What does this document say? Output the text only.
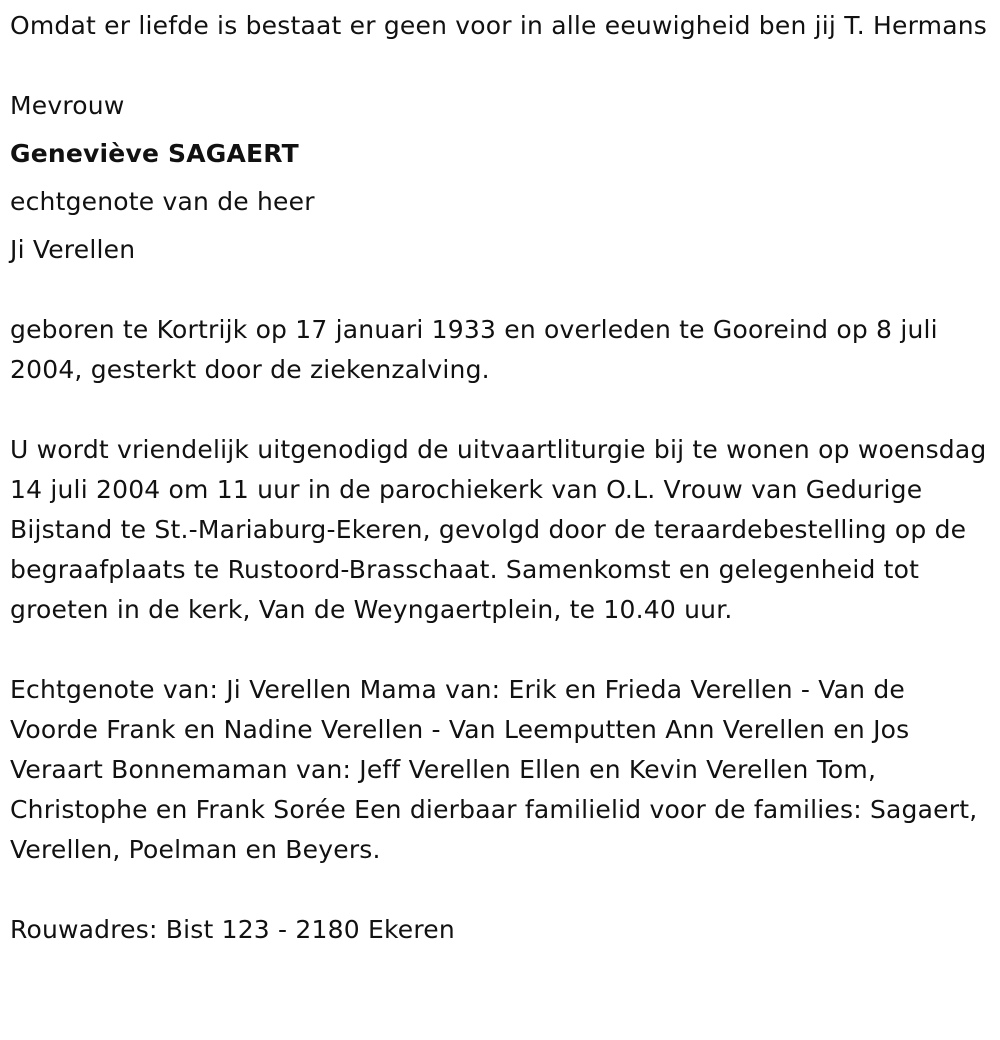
Omdat er liefde is bestaat er geen voor in alle eeuwigheid ben jij T. Hermans

Mevrouw

Geneviève SAGAERT

echtgenote van de heer

Ji Verellen

geboren te Kortrijk op 17 januari 1933 en overleden te Gooreind op 8 juli 2004, gesterkt door de ziekenzalving.

U wordt vriendelijk uitgenodigd de uitvaartliturgie bij te wonen op woensdag 14 juli 2004 om 11 uur in de parochiekerk van O.L. Vrouw van Gedurige Bijstand te St.-Mariaburg-Ekeren, gevolgd door de teraardebestelling op de begraafplaats te Rustoord-Brasschaat. Samenkomst en gelegenheid tot groeten in de kerk, Van de Weyngaertplein, te 10.40 uur.

Echtgenote van: Ji Verellen Mama van: Erik en Frieda Verellen - Van de Voorde Frank en Nadine Verellen - Van Leemputten Ann Verellen en Jos Veraart Bonnemaman van: Jeff Verellen Ellen en Kevin Verellen Tom, Christophe en Frank Sorée Een dierbaar familielid voor de families: Sagaert, Verellen, Poelman en Beyers.

Rouwadres: Bist 123 - 2180 Ekeren
